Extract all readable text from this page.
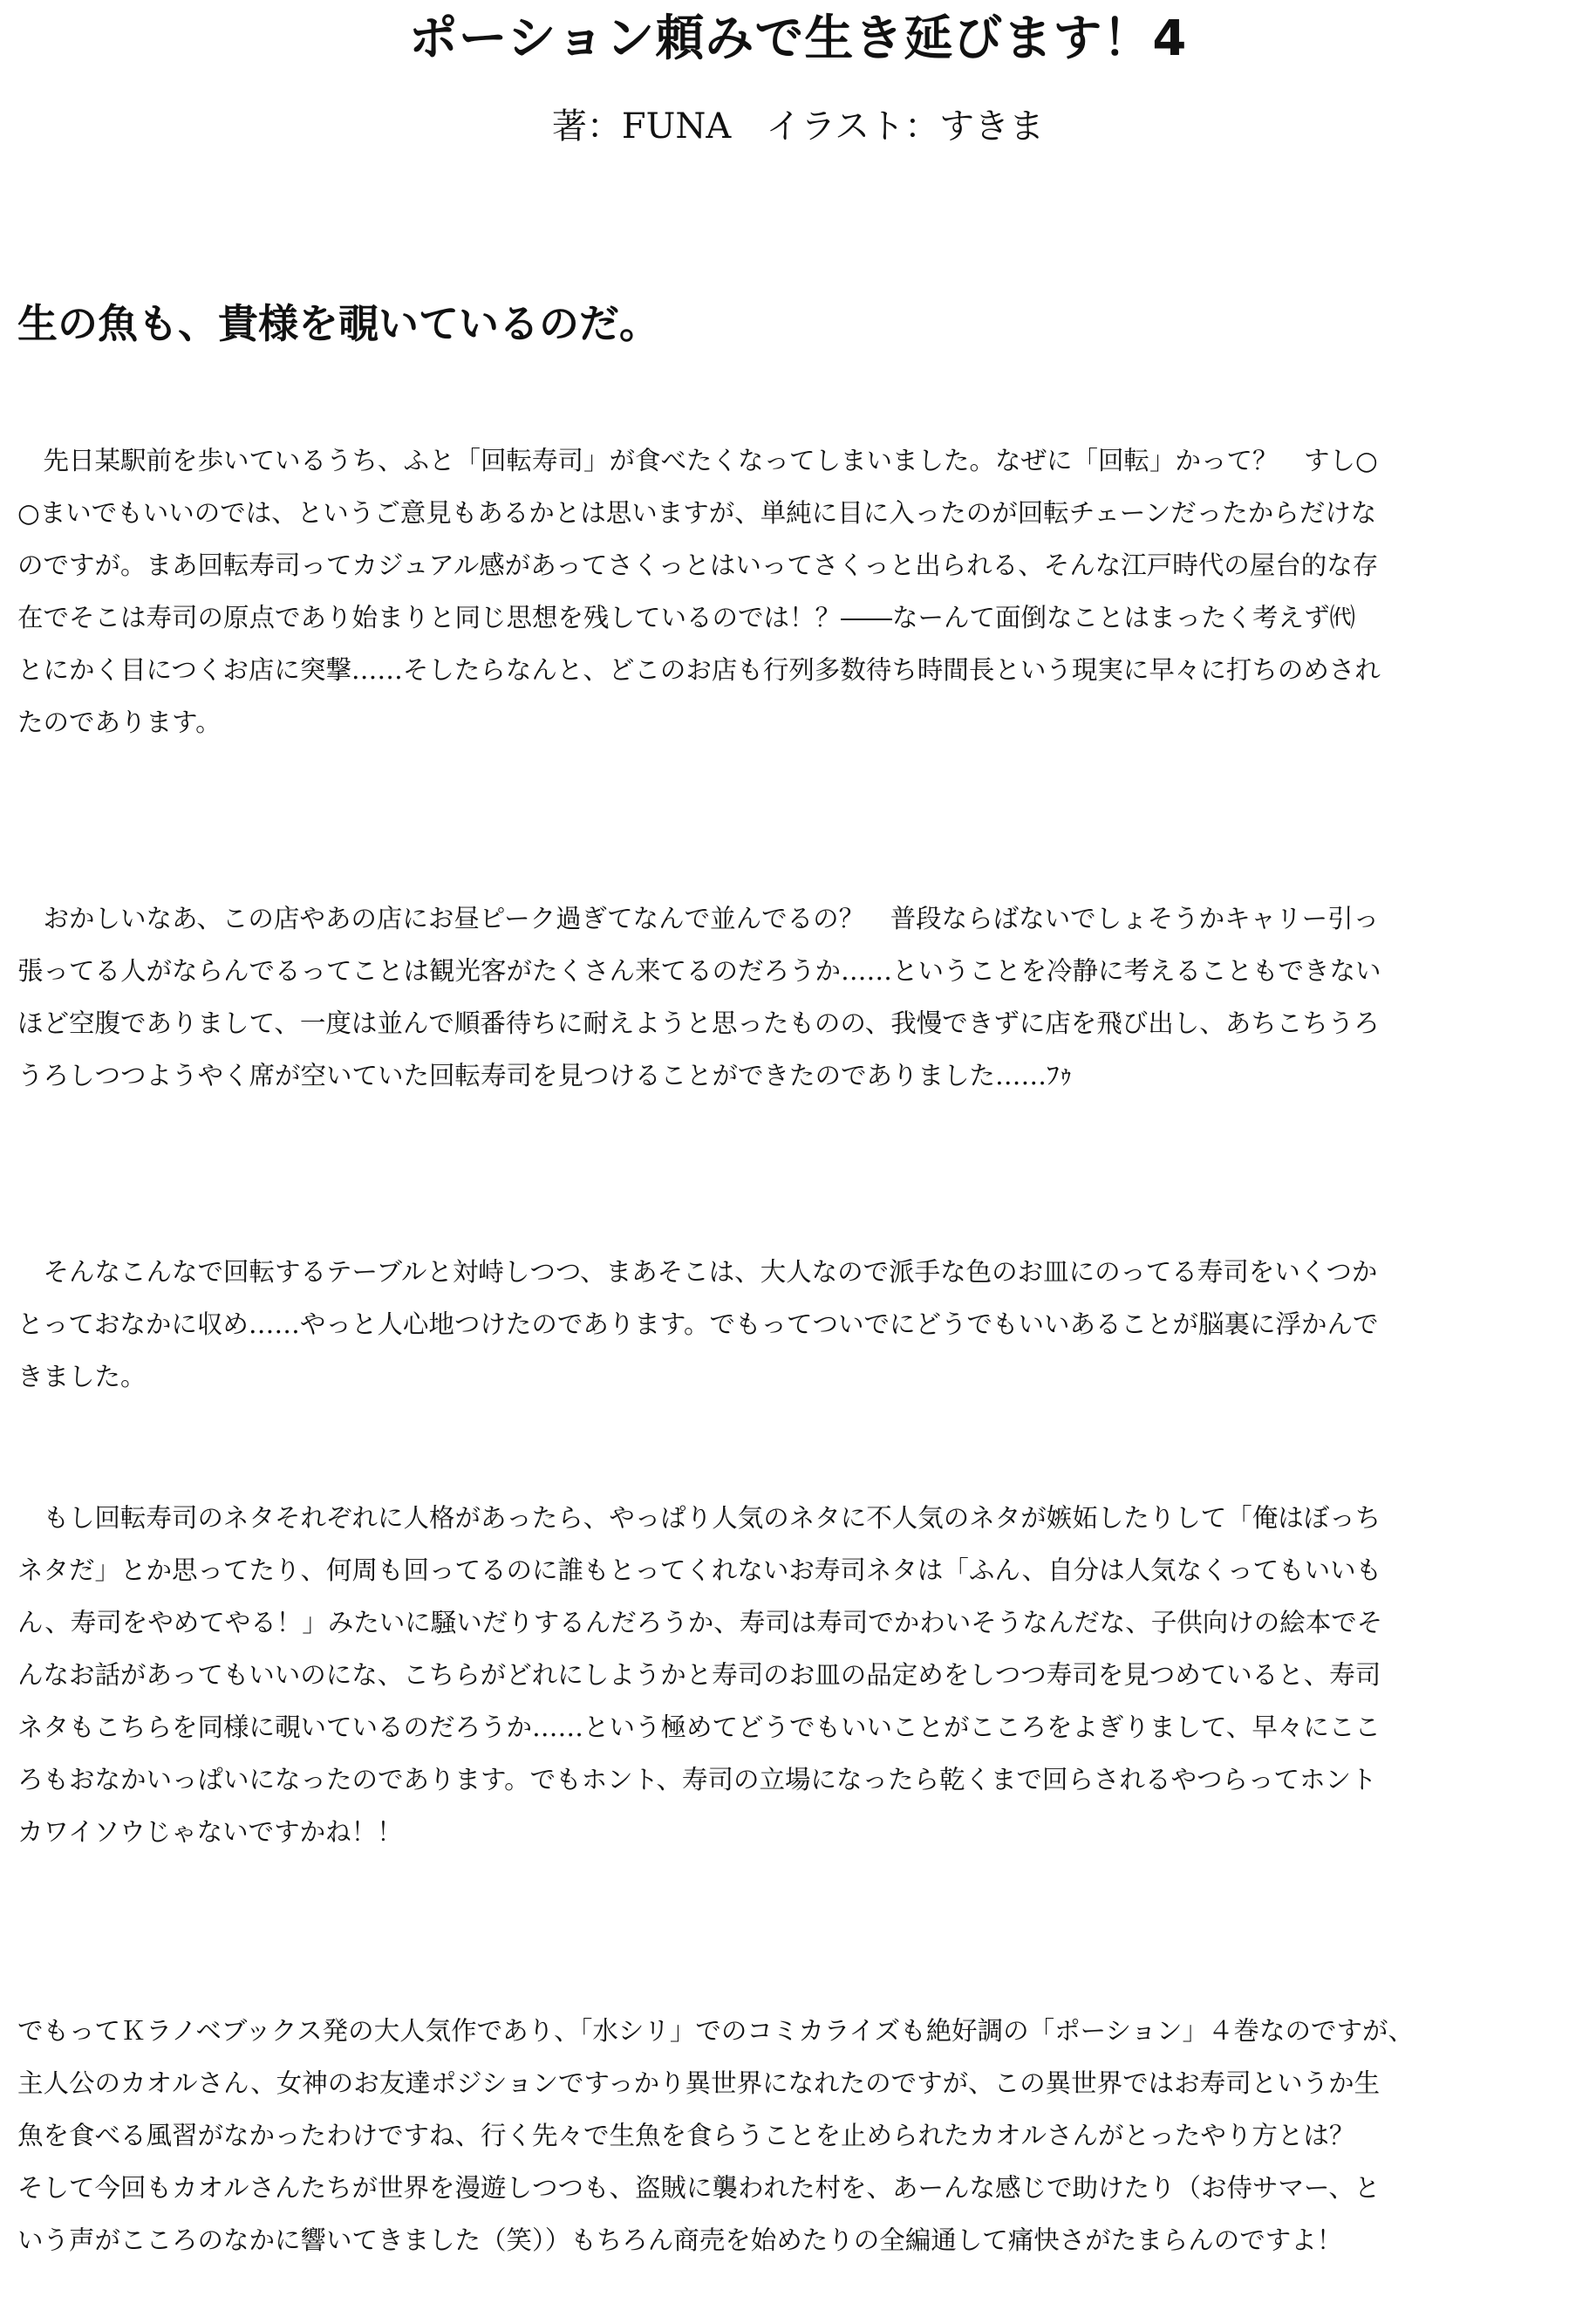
ポーション頼みで生き延びます！4

著：FUNA　イラスト：すきま

生の魚も、貴様を覗いているのだ。
　先日某駅前を歩いているうち、ふと「回転寿司」が食べたくなってしまいました。なぜに「回転」かって？　すし○
○まいでもいいのでは、というご意見もあるかとは思いますが、単純に目に入ったのが回転チェーンだったからだけな
のですが。まあ回転寿司ってカジュアル感があってさくっとはいってさくっと出られる、そんな江戸時代の屋台的な存
在でそこは寿司の原点であり始まりと同じ思想を残しているのでは！？――なーんて面倒なことはまったく考えず㈹
とにかく目につくお店に突撃……そしたらなんと、どこのお店も行列多数待ち時間長という現実に早々に打ちのめされ
たのであります。
　おかしいなあ、この店やあの店にお昼ピーク過ぎてなんで並んでるの？　普段ならばないでしょそうかキャリー引っ
張ってる人がならんでるってことは観光客がたくさん来てるのだろうか……ということを冷静に考えることもできない
ほど空腹でありまして、一度は並んで順番待ちに耐えようと思ったものの、我慢できずに店を飛び出し、あちこちうろ
うろしつつようやく席が空いていた回転寿司を見つけることができたのでありました……ﾌｩ
　そんなこんなで回転するテーブルと対峙しつつ、まあそこは、大人なので派手な色のお皿にのってる寿司をいくつか
とっておなかに収め……やっと人心地つけたのであります。でもってついでにどうでもいいあることが脳裏に浮かんで
きました。
　もし回転寿司のネタそれぞれに人格があったら、やっぱり人気のネタに不人気のネタが嫉妬したりして「俺はぼっち
ネタだ」とか思ってたり、何周も回ってるのに誰もとってくれないお寿司ネタは「ふん、自分は人気なくってもいいも
ん、寿司をやめてやる！」みたいに騒いだりするんだろうか、寿司は寿司でかわいそうなんだな、子供向けの絵本でそ
んなお話があってもいいのにな、こちらがどれにしようかと寿司のお皿の品定めをしつつ寿司を見つめていると、寿司
ネタもこちらを同様に覗いているのだろうか……という極めてどうでもいいことがこころをよぎりまして、早々にここ
ろもおなかいっぱいになったのであります。でもホント、寿司の立場になったら乾くまで回らされるやつらってホント
カワイソウじゃないですかね！！
でもってＫラノベブックス発の大人気作であり、「水シリ」でのコミカライズも絶好調の「ポーション」４巻なのですが、
主人公のカオルさん、女神のお友達ポジションですっかり異世界になれたのですが、この異世界ではお寿司というか生
魚を食べる風習がなかったわけですね、行く先々で生魚を食らうことを止められたカオルさんがとったやり方とは？
そして今回もカオルさんたちが世界を漫遊しつつも、盗賊に襲われた村を、あーんな感じで助けたり（お侍サマー、と
いう声がこころのなかに響いてきました（笑））もちろん商売を始めたりの全編通して痛快さがたまらんのですよ！
